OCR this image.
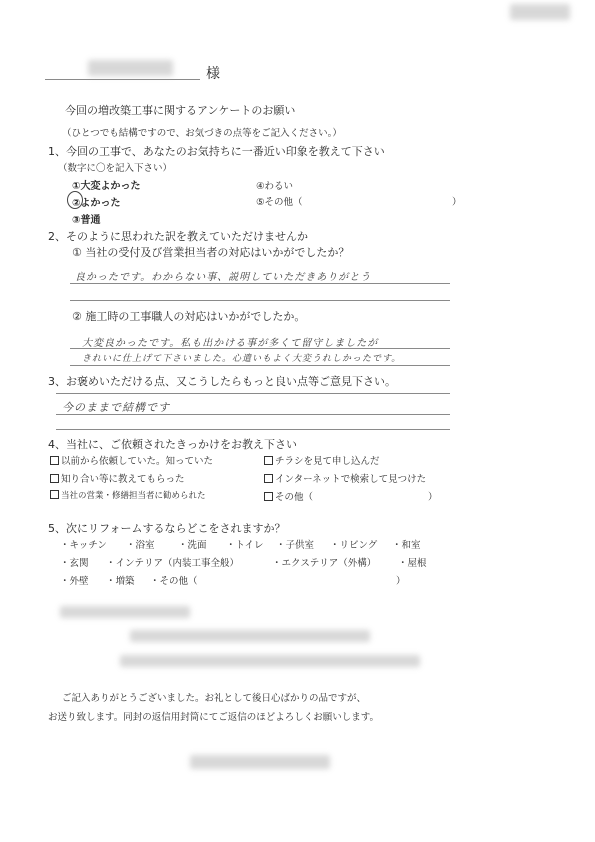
様
今回の増改築工事に関するアンケートのお願い
（ひとつでも結構ですので、お気づきの点等をご記入ください。）
1、今回の工事で、あなたのお気持ちに一番近い印象を教えて下さい
（数字に〇を記入下さい）
①大変よかった
②よかった
③普通
④わるい
⑤その他（	）
2、そのように思われた訳を教えていただけませんか
① 当社の受付及び営業担当者の対応はいかがでしたか？
良かったです。わからない事、説明していただきありがとう
② 施工時の工事職人の対応はいかがでしたか。
大変良かったです。私も出かける事が多くて留守しましたが
きれいに仕上げて下さいました。心遣いもよく大変うれしかったです。
3、お褒めいただける点、又こうしたらもっと良い点等ご意見下さい。
今のままで結構です
4、当社に、ご依頼されたきっかけをお教え下さい
以前から依頼していた。知っていた
知り合い等に教えてもらった
当社の営業・修繕担当者に勧められた
チラシを見て申し込んだ
インターネットで検索して見つけた
その他（	）
5、次にリフォームするならどこをされますか？
・キッチン ・浴室 ・洗面 ・トイレ ・子供室 ・リビング ・和室
・玄関 ・インテリア（内装工事全般）	・エクステリア（外構） ・屋根
・外壁 ・増築 ・その他（	）
ご記入ありがとうございました。お礼として後日心ばかりの品ですが、
お送り致します。同封の返信用封筒にてご返信のほどよろしくお願いします。
